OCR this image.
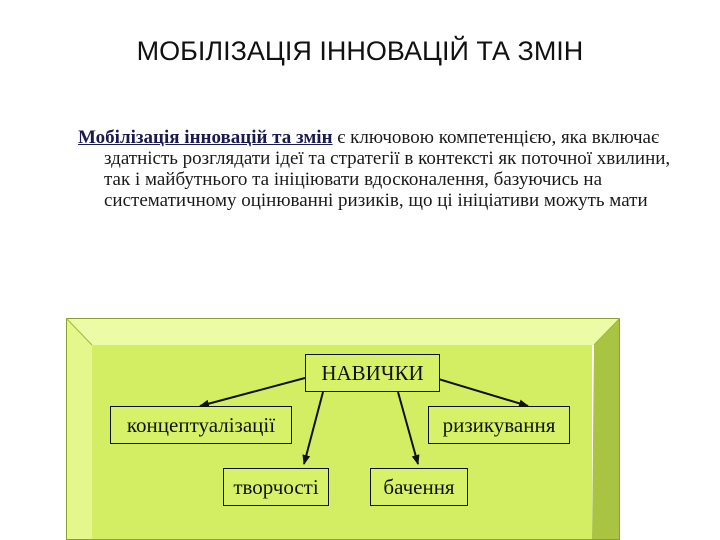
МОБІЛІЗАЦІЯ ІННОВАЦІЙ ТА ЗМІН
Мобілізація інновацій та змін є ключовою компетенцією, яка включає здатність розглядати ідеї та стратегії в контексті як поточної хвилини, так і майбутнього та ініціювати вдосконалення, базуючись на систематичному оцінюванні ризиків, що ці ініціативи можуть мати
НАВИЧКИ
концептуалізації
творчості	бачення
ризикування
